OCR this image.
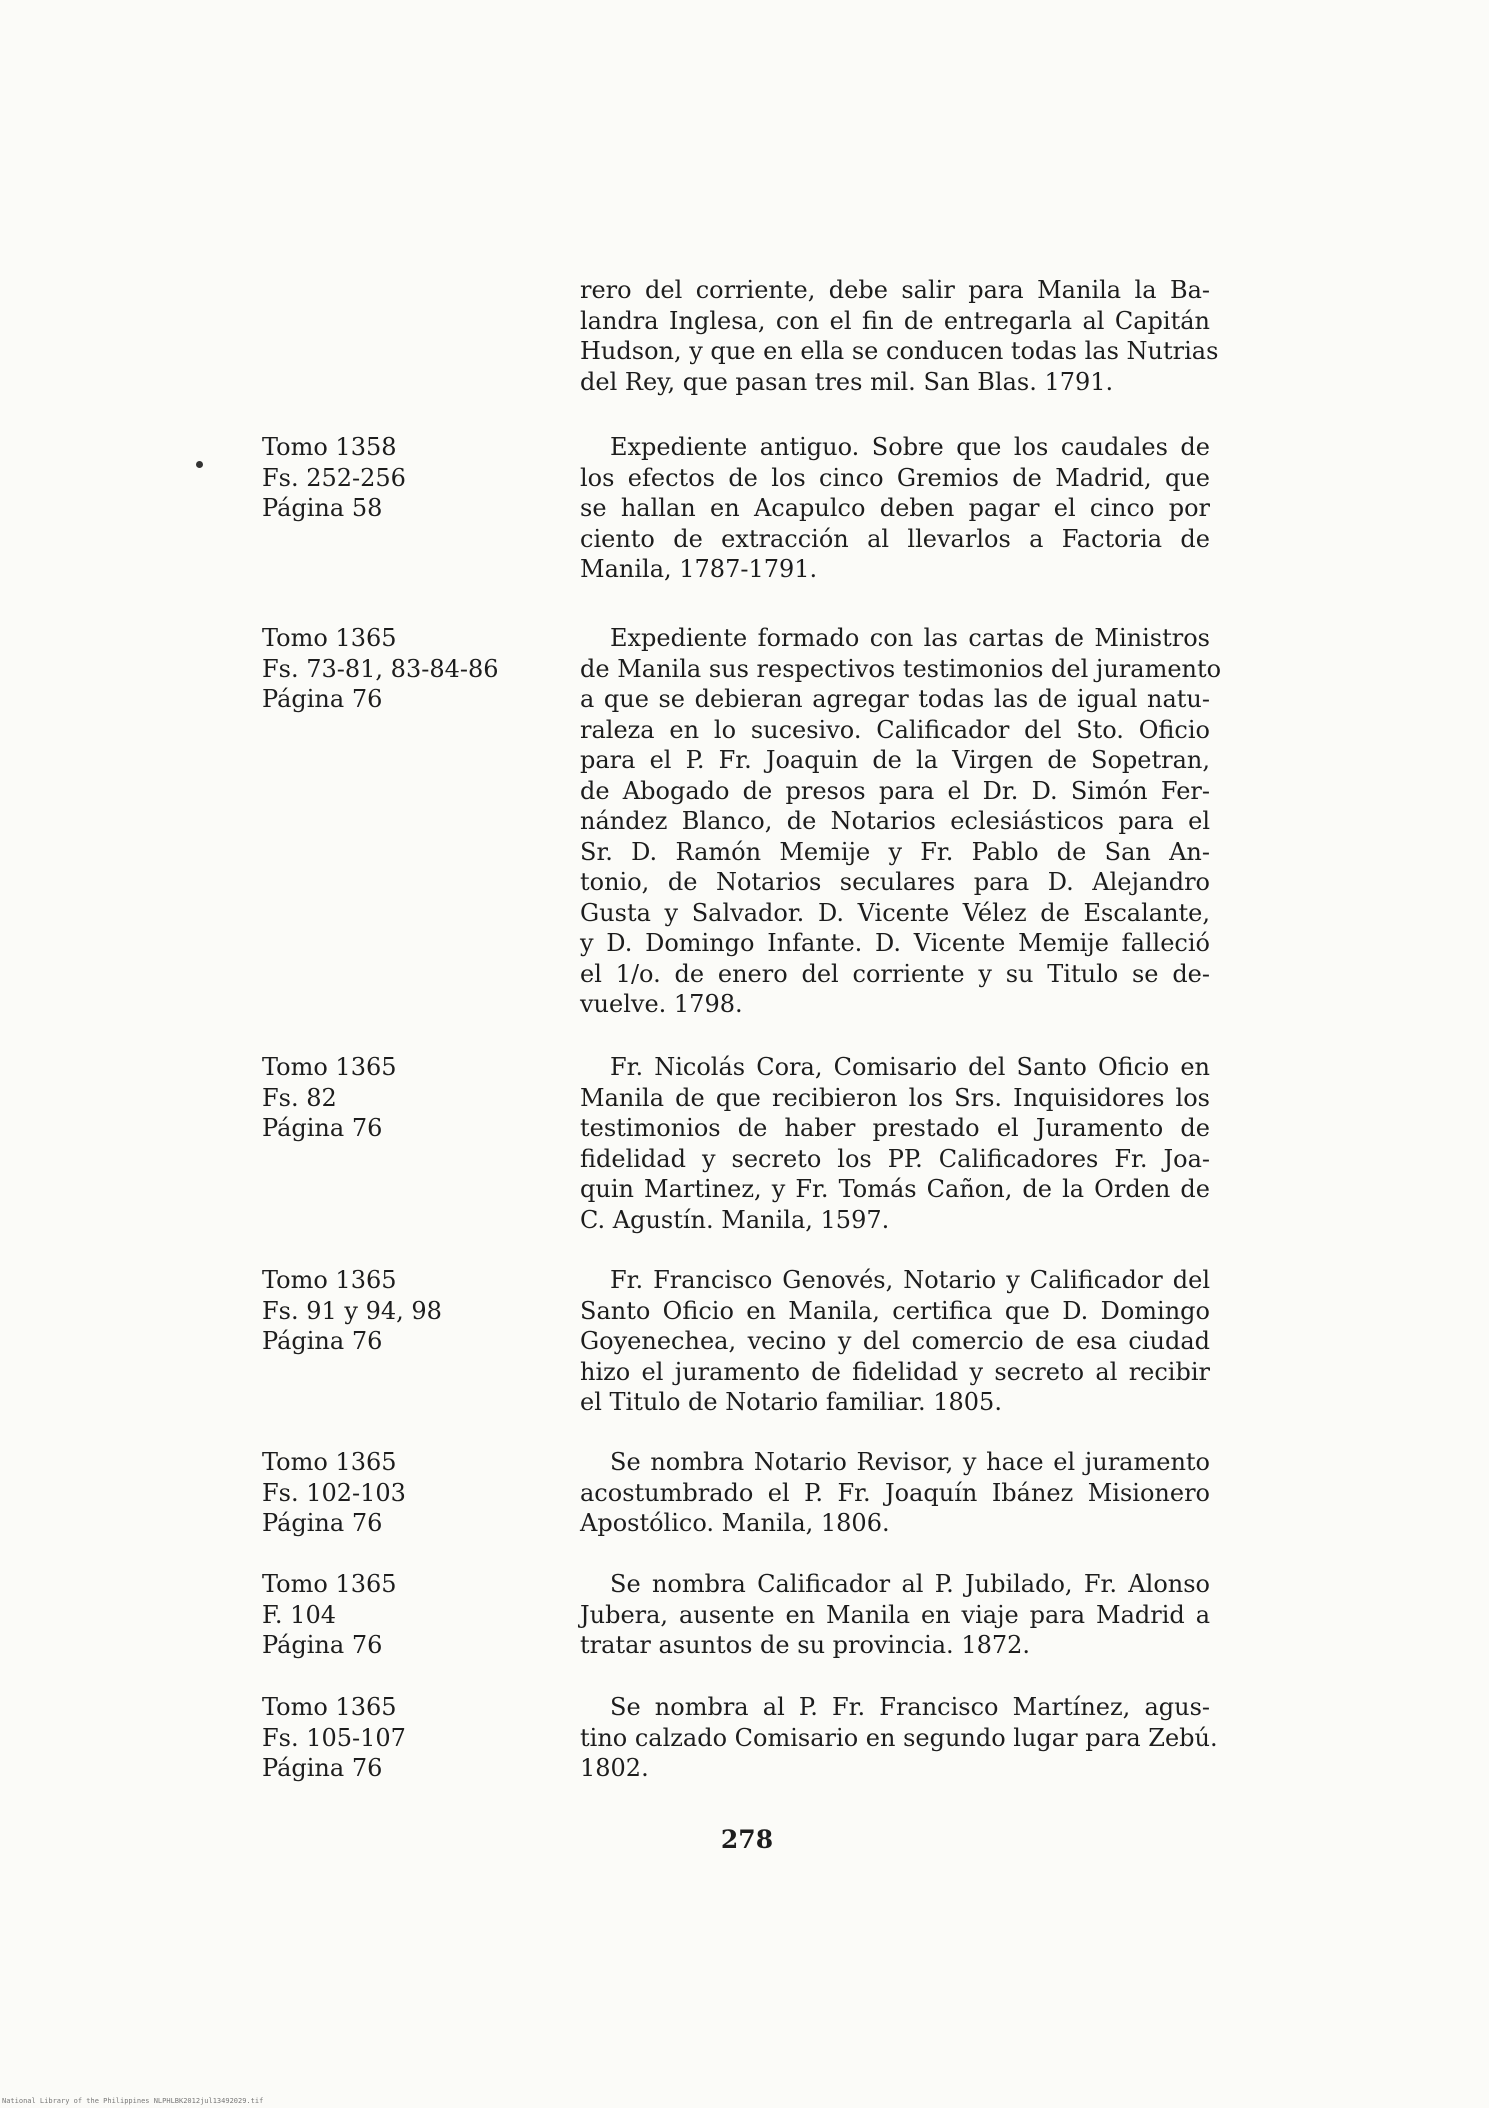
rero del corriente, debe salir para Manila la Ba-
landra Inglesa, con el fin de entregarla al Capitán
Hudson, y que en ella se conducen todas las Nutrias
del Rey, que pasan tres mil. San Blas. 1791.
Tomo 1358
Fs. 252-256
Página 58
Expediente antiguo. Sobre que los caudales de
los efectos de los cinco Gremios de Madrid, que
se hallan en Acapulco deben pagar el cinco por
ciento de extracción al llevarlos a Factoria de
Manila, 1787-1791.
Tomo 1365
Fs. 73-81, 83-84-86
Página 76
Expediente formado con las cartas de Ministros
de Manila sus respectivos testimonios del juramento
a que se debieran agregar todas las de igual natu-
raleza en lo sucesivo. Calificador del Sto. Oficio
para el P. Fr. Joaquin de la Virgen de Sopetran,
de Abogado de presos para el Dr. D. Simón Fer-
nández Blanco, de Notarios eclesiásticos para el
Sr. D. Ramón Memije y Fr. Pablo de San An-
tonio, de Notarios seculares para D. Alejandro
Gusta y Salvador. D. Vicente Vélez de Escalante,
y D. Domingo Infante. D. Vicente Memije falleció
el 1/o. de enero del corriente y su Titulo se de-
vuelve. 1798.
Tomo 1365
Fs. 82
Página 76
Fr. Nicolás Cora, Comisario del Santo Oficio en
Manila de que recibieron los Srs. Inquisidores los
testimonios de haber prestado el Juramento de
fidelidad y secreto los PP. Calificadores Fr. Joa-
quin Martinez, y Fr. Tomás Cañon, de la Orden de
C. Agustín. Manila, 1597.
Tomo 1365
Fs. 91 y 94, 98
Página 76
Fr. Francisco Genovés, Notario y Calificador del
Santo Oficio en Manila, certifica que D. Domingo
Goyenechea, vecino y del comercio de esa ciudad
hizo el juramento de fidelidad y secreto al recibir
el Titulo de Notario familiar. 1805.
Tomo 1365
Fs. 102-103
Página 76
Se nombra Notario Revisor, y hace el juramento
acostumbrado el P. Fr. Joaquín Ibánez Misionero
Apostólico. Manila, 1806.
Tomo 1365
F. 104
Página 76
Se nombra Calificador al P. Jubilado, Fr. Alonso
Jubera, ausente en Manila en viaje para Madrid a
tratar asuntos de su provincia. 1872.
Tomo 1365
Fs. 105-107
Página 76
Se nombra al P. Fr. Francisco Martínez, agus-
tino calzado Comisario en segundo lugar para Zebú.
1802.
278
National Library of the Philippines NLPHLBK2012jul13492029.tif
